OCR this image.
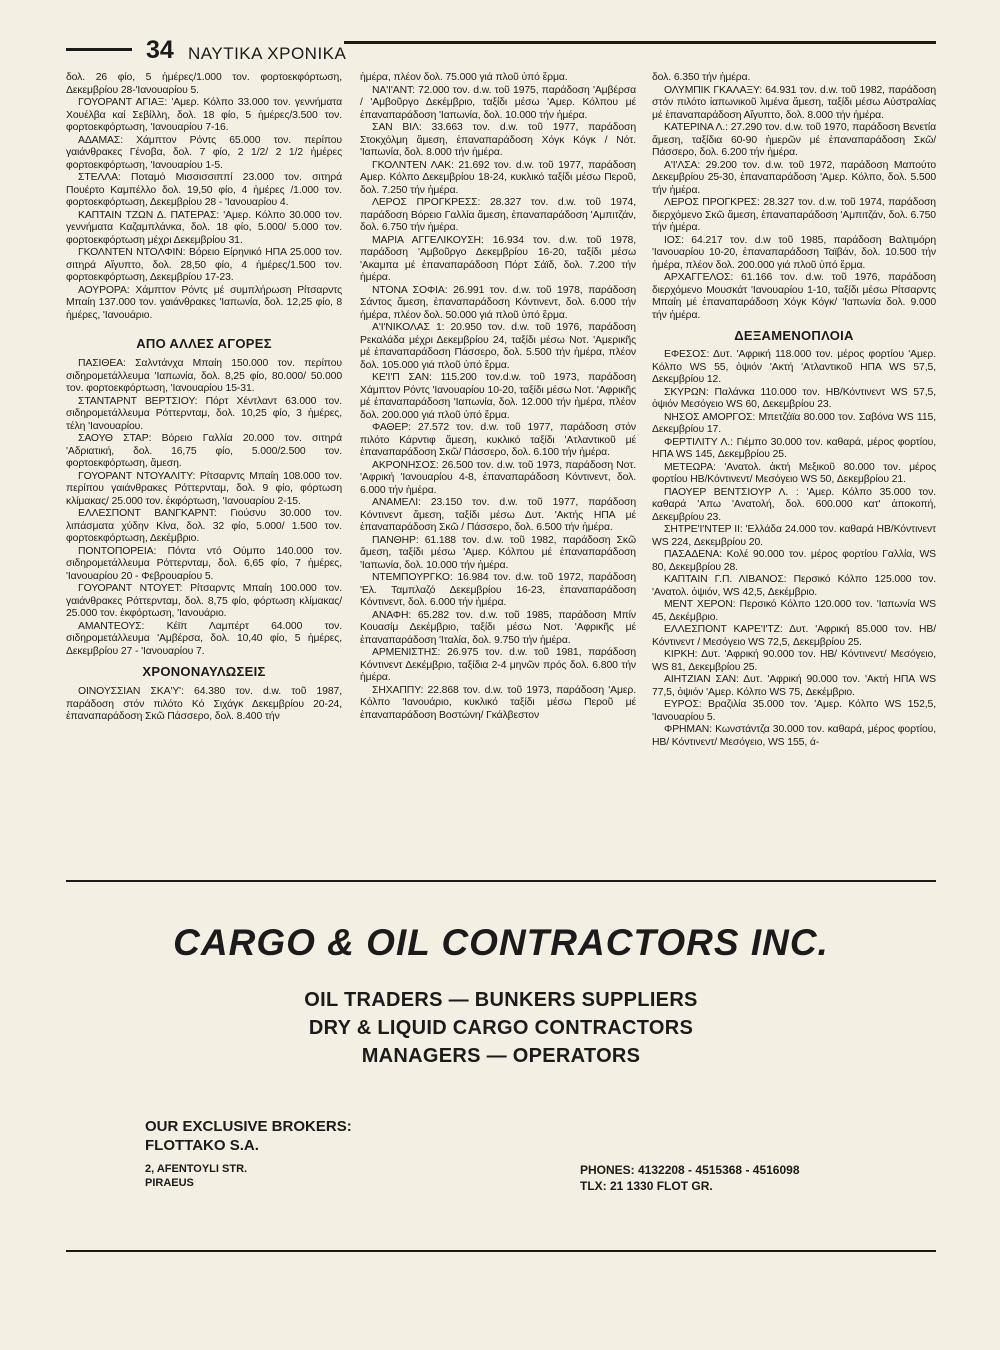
34 ΝΑΥΤΙΚΑ ΧΡΟΝΙΚΑ

δολ. 26 φίο, 5 ἡμέρες/1.000 τον. φορτοεκφόρτωση, Δεκεμβρίου 28-'Ιανουαρίου 5.

ΓΟΥΟΡΑΝΤ ΑΓΙΑΞ: 'Αμερ. Κόλπο 33.000 τον. γεννήματα Χουέλβα καί Σεβίλλη, δολ. 18 φίο, 5 ἡμέρες/3.500 τον. φορτοεκφόρτωση, 'Ιανουαρίου 7-16.

ΑΔΑΜΑΣ: Χάμπτον Ρόντς 65.000 τον. περίπου γαιάνθρακες Γένοβα, δολ. 7 φίο, 2 1/2/ 2 1/2 ἡμέρες φορτοεκφόρτωση, 'Ιανουαρίου 1-5.

ΣΤΕΛΛΑ: Ποταμό Μισσισσιππί 23.000 τον. σιτηρά Πουέρτο Καμπέλλο δολ. 19,50 φίο, 4 ἡμέρες /1.000 τον. φορτοεκφόρτωση, Δεκεμβρίου 28 - 'Ιανουαρίου 4.

ΚΑΠΤΑΙΝ ΤΖΩΝ Δ. ΠΑΤΕΡΑΣ: 'Αμερ. Κόλπο 30.000 τον. γεννήματα Καζαμπλάνκα, δολ. 18 φίο, 5.000/ 5.000 τον. φορτοεκφόρτωση μέχρι Δεκεμβρίου 31.

ΓΚΟΛΝΤΕΝ ΝΤΟΛΦΙΝ: Βόρειο Είρηνικό ΗΠΑ 25.000 τον. σιτηρά Αἴγυπτο, δολ. 28,50 φίο, 4 ἡμέρες/1.500 τον. φορτοεκφόρτωση, Δεκεμβρίου 17-23.

ΑΟΥΡΟΡΑ: Χάμπτον Ρόντς μέ συμπλήρωση Ρίτσαρντς Μπαίη 137.000 τον. γαιάνθρακες 'Ιαπωνία, δολ. 12,25 φίο, 8 ἡμέρες, 'Ιανουάριο.

ΑΠΟ ΑΛΛΕΣ ΑΓΟΡΕΣ

ΠΑΣΙΘΕΑ: Σαλντάνχα Μπαίη 150.000 τον. περίπου σιδηρομετάλλευμα 'Ιαπωνία, δολ. 8,25 φίο, 80.000/ 50.000 τον. φορτοεκφόρτωση, 'Ιανουαρίου 15-31.

ΣΤΑΝΤΑΡΝΤ ΒΕΡΤΣΙΟΥ: Πόρτ Χέντλαντ 63.000 τον. σιδηρομετάλλευμα Ρόττερνταμ, δολ. 10,25 φίο, 3 ἡμέρες, τέλη 'Ιανουαρίου.

ΣΑΟΥΘ ΣΤΑΡ: Βόρειο Γαλλία 20.000 τον. σιτηρά 'Αδριατική, δολ. 16,75 φίο, 5.000/2.500 τον. φορτοεκφόρτωση, ἄμεση.

ΓΟΥΟΡΑΝΤ ΝΤΟΥΑΛΙΤΥ: Ρίτσαρντς Μπαίη 108.000 τον. περίπου γαιάνθρακες Ρόττερνταμ, δολ. 9 φίο, φόρτωση κλίμακας/ 25.000 τον. ἐκφόρτωση, 'Ιανουαρίου 2-15.

ΕΛΛΕΣΠΟΝΤ ΒΑΝΓΚΑΡΝΤ: Γιούσνυ 30.000 τον. λιπάσματα χύδην Κίνα, δολ. 32 φίο, 5.000/ 1.500 τον. φορτοεκφόρτωση, Δεκέμβριο.

ΠΟΝΤΟΠΟΡΕΙΑ: Πόντα ντό Ούμπο 140.000 τον. σιδηρομετάλλευμα Ρόττερνταμ, δολ. 6,65 φίο, 7 ἡμέρες, 'Ιανουαρίου 20 - Φεβρουαρίου 5.

ΓΟΥΟΡΑΝΤ ΝΤΟΥΕΤ: Ρίτσαρντς Μπαίη 100.000 τον. γαιάνθρακες Ρόττερνταμ, δολ. 8,75 φίο, φόρτωση κλίμακας/ 25.000 τον. ἐκφόρτωση, 'Ιανουάριο.

ΑΜΑΝΤΕΟΥΣ: Κέϊπ Λαμπέρτ 64.000 τον. σιδηρομετάλλευμα 'Αμβέρσα, δολ. 10,40 φίο, 5 ἡμέρες, Δεκεμβρίου 27 - 'Ιανουαρίου 7.

ΧΡΟΝΟΝΑΥΛΩΣΕΙΣ

ΟΙΝΟΥΣΣΙΑΝ ΣΚΑ'Υ': 64.380 τον. d.w. τοῦ 1987, παράδοση στόν πιλότο Κό Σιχάγκ Δεκεμβρίου 20-24, ἐπαναπαράδοση Σκῶ Πάσσερο, δολ. 8.400 τήν

ἡμέρα, πλέον δολ. 75.000 γιά πλοῦ ὑπό ἕρμα.

ΝΑ'Ι'ΑΝΤ: 72.000 τον. d.w. τοῦ 1975, παράδοση 'Αμβέρσα / 'Αμβοῦργο Δεκέμβριο, ταξίδι μέσω 'Αμερ. Κόλπου μέ ἐπαναπαράδοση 'Ιαπωνία, δολ. 10.000 τήν ἡμέρα.

ΣΑΝ ΒΙΛ: 33.663 τον. d.w. τοῦ 1977, παράδοση Στοκχόλμη ἄμεση, ἐπαναπαράδοση Χόγκ Κόγκ / Νότ. 'Ιαπωνία, δολ. 8.000 τήν ἡμέρα.

ΓΚΟΛΝΤΕΝ ΛΑΚ: 21.692 τον. d.w. τοῦ 1977, παράδοση Αμερ. Κόλπο Δεκεμβρίου 18-24, κυκλικό ταξίδι μέσω Περοῦ, δολ. 7.250 τήν ἡμέρα.

ΛΕΡΟΣ ΠΡΟΓΚΡΕΣΣ: 28.327 τον. d.w. τοῦ 1974, παράδοση Βόρειο Γαλλία ἄμεση, ἐπαναπαράδοση 'Αμπιτζάν, δολ. 6.750 τήν ἡμέρα.

ΜΑΡΙΑ ΑΓΓΕΛΙΚΟΥΣΗ: 16.934 τον. d.w. τοῦ 1978, παράδοση 'Αμβοῦργο Δεκεμβρίου 16-20, ταξίδι μέσω 'Ακαμπα μέ ἐπαναπαράδοση Πόρτ Σάϊδ, δολ. 7.200 τήν ἡμέρα.

ΝΤΟΝΑ ΣΟΦΙΑ: 26.991 τον. d.w. τοῦ 1978, παράδοση Σάντος ἄμεση, ἐπαναπαράδοση Κόντινεντ, δολ. 6.000 τήν ἡμέρα, πλέον δολ. 50.000 γιά πλοῦ ὑπό ἕρμα.

Α'Ι'ΝΙΚΟΛΑΣ 1: 20.950 τον. d.w. τοῦ 1976, παράδοση Ρεκαλάδα μέχρι Δεκεμβρίου 24, ταξίδι μέσω Νοτ. 'Αμερικῆς μέ ἐπαναπαράδοση Πάσσερο, δολ. 5.500 τήν ἡμέρα, πλέον δολ. 105.000 γιά πλοῦ ὑπό ἕρμα.

ΚΕ'Ι'Π ΣΑΝ: 115.200 τον.d.w. τοῦ 1973, παράδοση Χάμπτον Ρόντς 'Ιανουαρίου 10-20, ταξίδι μέσω Νοτ. 'Αφρικῆς μέ ἐπαναπαράδοση 'Ιαπωνία, δολ. 12.000 τήν ἡμέρα, πλέον δολ. 200.000 γιά πλοῦ ὑπό ἕρμα.

ΦΑΘΕΡ: 27.572 τον. d.w. τοῦ 1977, παράδοση στόν πιλότο Κάρντιφ ἄμεση, κυκλικό ταξίδι 'Ατλαντικοῦ μέ ἐπαναπαράδοση Σκῶ/ Πάσσερο, δολ. 6.100 τήν ἡμέρα.

ΑΚΡΟΝΗΣΟΣ: 26.500 τον. d.w. τοῦ 1973, παράδοση Νοτ. 'Αφρική 'Ιανουαρίου 4-8, ἐπαναπαράδοση Κόντινεντ, δολ. 6.000 τήν ἡμέρα.

ΑΝΑΜΕΛΙ: 23.150 τον. d.w. τοῦ 1977, παράδοση Κόντινεντ ἄμεση, ταξίδι μέσω Δυτ. 'Ακτής ΗΠΑ μέ ἐπαναπαράδοση Σκῶ / Πάσσερο, δολ. 6.500 τήν ἡμέρα.

ΠΑΝΘΗΡ: 61.188 τον. d.w. τοῦ 1982, παράδοση Σκῶ ἄμεση, ταξίδι μέσω 'Αμερ. Κόλπου μέ ἐπαναπαράδοση 'Ιαπωνία, δολ. 10.000 τήν ἡμέρα.

ΝΤΕΜΠΟΥΡΓΚΟ: 16.984 τον. d.w. τοῦ 1972, παράδοση 'Ελ. Ταμπλαζό Δεκεμβρίου 16-23, ἐπαναπαράδοση Κόντινεντ, δολ. 6.000 τήν ἡμέρα.

ΑΝΑΦΗ: 65.282 τον. d.w. τοῦ 1985, παράδοση Μπίν Κουασίμ Δεκέμβριο, ταξίδι μέσω Νοτ. 'Αφρικῆς μέ ἐπαναπαράδοση 'Ιταλία, δολ. 9.750 τήν ἡμέρα.

ΑΡΜΕΝΙΣΤΗΣ: 26.975 τον. d.w. τοῦ 1981, παράδοση Κόντινεντ Δεκέμβριο, ταξίδια 2-4 μηνῶν πρός δολ. 6.800 τήν ἡμέρα.

ΣΗΧΑΠΠΥ: 22.868 τον. d.w. τοῦ 1973, παράδοση 'Αμερ. Κόλπο 'Ιανουάριο, κυκλικό ταξίδι μέσω Περοῦ μέ ἐπαναπαράδοση Βοστώνη/ Γκάλβεστον

δολ. 6.350 τήν ἡμέρα.

ΟΛΥΜΠΙΚ ΓΚΑΛΑΞΥ: 64.931 τον. d.w. τοῦ 1982, παράδοση στόν πιλότο ἰαπωνικοῦ λιμένα ἄμεση, ταξίδι μέσω Αὐστραλίας μέ ἐπαναπαράδοση Αἴγυπτο, δολ. 8.000 τήν ἡμέρα.

ΚΑΤΕΡΙΝΑ Λ.: 27.290 τον. d.w. τοῦ 1970, παράδοση Βενετία ἄμεση, ταξίδια 60-90 ἡμερῶν μέ ἐπαναπαράδοση Σκῶ/ Πάσσερο, δολ. 6.200 τήν ἡμέρα.

Α'Ι'ΛΣΑ: 29.200 τον. d.w. τοῦ 1972, παράδοση Μαπούτο Δεκεμβρίου 25-30, ἐπαναπαράδοση 'Αμερ. Κόλπο, δολ. 5.500 τήν ἡμέρα.

ΛΕΡΟΣ ΠΡΟΓΚΡΕΣ: 28.327 τον. d.w. τοῦ 1974, παράδοση διερχόμενο Σκῶ ἄμεση, ἐπαναπαράδοση 'Αμπιτζάν, δολ. 6.750 τήν ἡμέρα.

ΙΟΣ: 64.217 τον. d.w τοῦ 1985, παράδοση Βαλτιμόρη 'Ιανουαρίου 10-20, ἐπαναπαράδοση Ταϊβάν, δολ. 10.500 τήν ἡμέρα, πλέον δολ. 200.000 γιά πλοῦ ὑπό ἕρμα.

ΑΡΧΑΓΓΕΛΟΣ: 61.166 τον. d.w. τοῦ 1976, παράδοση διερχόμενο Μουσκάτ 'Ιανουαρίου 1-10, ταξίδι μέσω Ρίτσαρντς Μπαίη μέ ἐπαναπαράδοση Χόγκ Κόγκ/ 'Ιαπωνία δολ. 9.000 τήν ἡμέρα.

ΔΕΞΑΜΕΝΟΠΛΟΙΑ

ΕΦΕΣΟΣ: Δυτ. 'Αφρική 118.000 τον. μέρος φορτίου 'Αμερ. Κόλπο WS 55, ὀψιόν 'Ακτή 'Ατλαντικοῦ ΗΠΑ WS 57,5, Δεκεμβρίου 12.

ΣΚΥΡΩΝ: Παλάνκα 110.000 τον. HB/Κόντινεντ WS 57,5, ὀψιόν Μεσόγειο WS 60, Δεκεμβρίου 23.

ΝΗΣΟΣ ΑΜΟΡΓΟΣ: Μπετζάϊα 80.000 τον. Σαβόνα WS 115, Δεκεμβρίου 17.

ΦΕΡΤΙΛΙΤΥ Λ.: Γιέμπο 30.000 τον. καθαρά, μέρος φορτίου, ΗΠΑ WS 145, Δεκεμβρίου 25.

ΜΕΤΕΩΡΑ: 'Ανατολ. ἀκτή Μεξικοῦ 80.000 τον. μέρος φορτίου HB/Κόντινεντ/ Μεσόγειο WS 50, Δεκεμβρίου 21.

ΠΑΟΥΕΡ ΒΕΝΤΣΙΟΥΡ Λ. : 'Αμερ. Κόλπο 35.000 τον. καθαρά 'Απω 'Ανατολή, δολ. 600.000 κατ' ἀποκοπή, Δεκεμβρίου 23.

ΣΗΤΡΕ'Ι'ΝΤΕΡ II: 'Ελλάδα 24.000 τον. καθαρά HB/Κόντινεντ WS 224, Δεκεμβρίου 20.

ΠΑΣΑΔΕΝΑ: Κολέ 90.000 τον. μέρος φορτίου Γαλλία, WS 80, Δεκεμβρίου 28.

ΚΑΠΤΑΙΝ Γ.Π. ΛΙΒΑΝΟΣ: Περσικό Κόλπο 125.000 τον. 'Ανατολ. ὀψιόν, WS 42,5, Δεκέμβριο.

ΜΕΝΤ ΧΕΡΟΝ: Περσικό Κόλπο 120.000 τον. 'Ιαπωνία WS 45, Δεκέμβριο.

ΕΛΛΕΣΠΟΝΤ ΚΑΡΕ'Ι'ΤΖ: Δυτ. 'Αφρική 85.000 τον. HB/Κόντινεντ / Μεσόγειο WS 72,5, Δεκεμβρίου 25.

ΚΙΡΚΗ: Δυτ. 'Αφρική 90.000 τον. HB/ Κόντινεντ/ Μεσόγειο, WS 81, Δεκεμβρίου 25.

ΑΙΗΤΖΙΑΝ ΣΑΝ: Δυτ. 'Αφρική 90.000 τον. 'Ακτή ΗΠΑ WS 77,5, ὀψιόν 'Αμερ. Κόλπο WS 75, Δεκέμβριο.

ΕΥΡΟΣ: Βραζιλία 35.000 τον. 'Αμερ. Κόλπο WS 152,5, 'Ιανουαρίου 5.

ΦΡΗΜΑΝ: Κωνστάντζα 30.000 τον. καθαρά, μέρος φορτίου, HB/ Κόντινεντ/ Μεσόγειο, WS 155, ά-

CARGO & OIL CONTRACTORS INC.
OIL TRADERS — BUNKERS SUPPLIERS
DRY & LIQUID CARGO CONTRACTORS
MANAGERS — OPERATORS
OUR EXCLUSIVE BROKERS:
FLOTTAKO S.A.
2, AFENTOYLI STR.
PIRAEUS
PHONES: 4132208 - 4515368 - 4516098
TLX: 21 1330 FLOT GR.
